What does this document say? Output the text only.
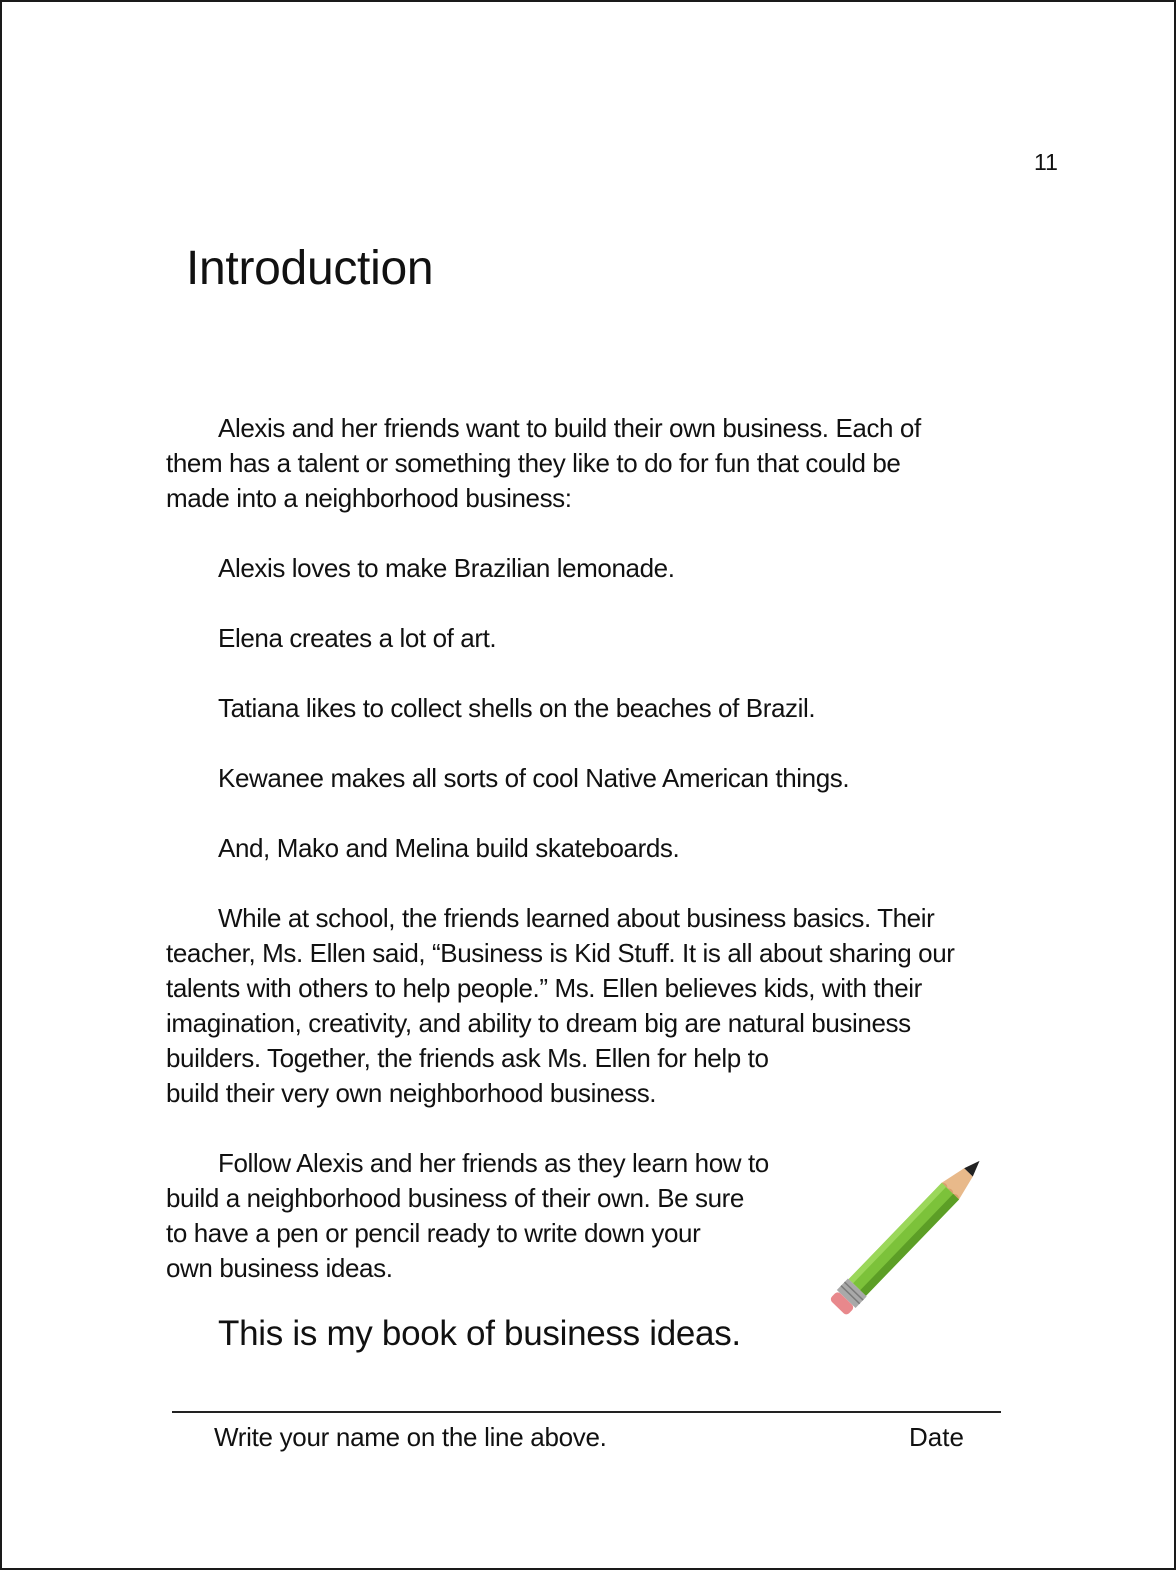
11
Introduction

Alexis and her friends want to build their own business. Each of
them has a talent or something they like to do for fun that could be
made into a neighborhood business:

Alexis loves to make Brazilian lemonade.

Elena creates a lot of art.

Tatiana likes to collect shells on the beaches of Brazil.

Kewanee makes all sorts of cool Native American things.

And, Mako and Melina build skateboards.

While at school, the friends learned about business basics. Their
teacher, Ms. Ellen said, “Business is Kid Stuff. It is all about sharing our
talents with others to help people.” Ms. Ellen believes kids, with their
imagination, creativity, and ability to dream big are natural business
builders. Together, the friends ask Ms. Ellen for help to
build their very own neighborhood business.

Follow Alexis and her friends as they learn how to
build a neighborhood business of their own. Be sure
to have a pen or pencil ready to write down your
own business ideas.

This is my book of business ideas.
Write your name on the line above.	Date
